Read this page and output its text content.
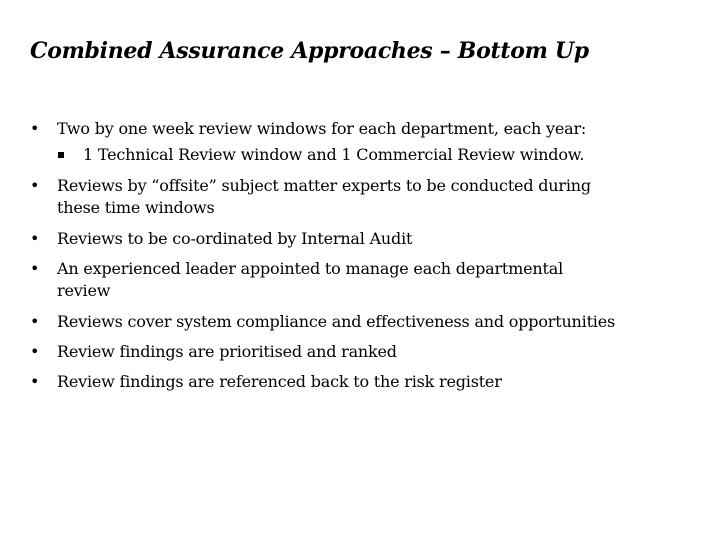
Combined Assurance Approaches – Bottom Up
• Two by one week review windows for each department, each year:
1 Technical Review window and 1 Commercial Review window.
• Reviews by “offsite” subject matter experts to be conducted during these time windows
• Reviews to be co-ordinated by Internal Audit
• An experienced leader appointed to manage each departmental review
• Reviews cover system compliance and effectiveness and opportunities
• Review findings are prioritised and ranked
• Review findings are referenced back to the risk register
